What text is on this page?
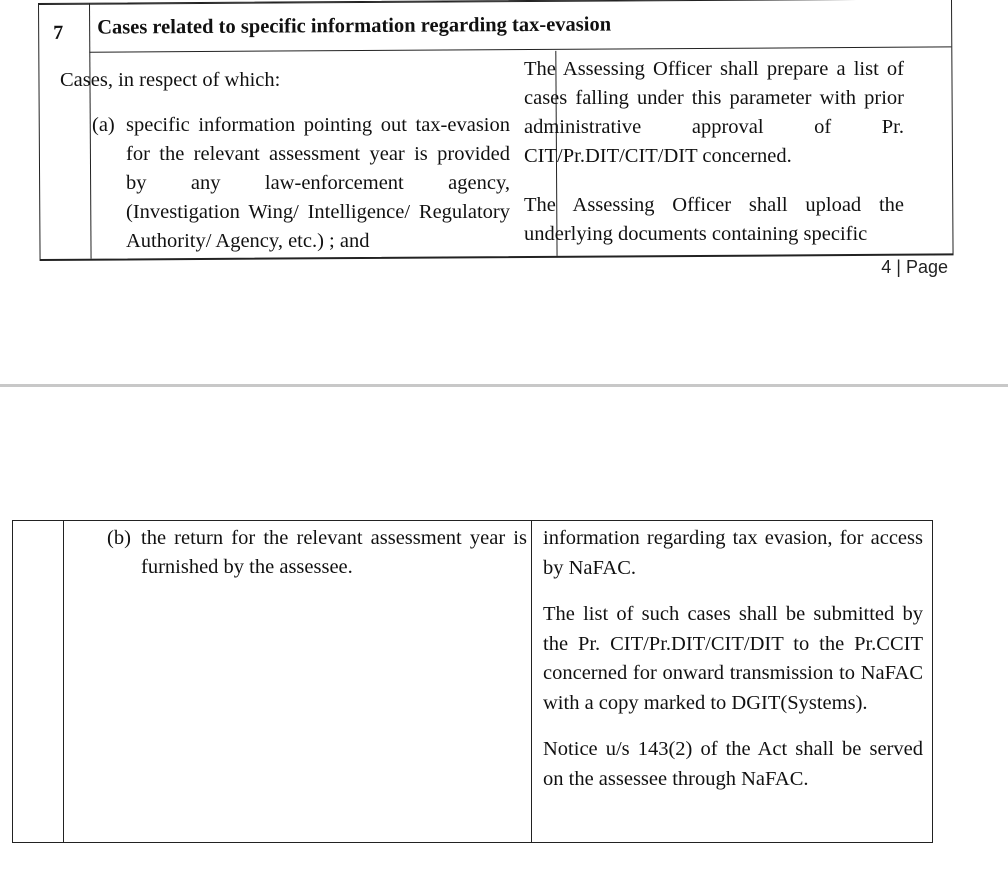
7 Cases related to specific information regarding tax-evasion

Cases, in respect of which:

(a) specific information pointing out tax-evasion for the relevant assessment year is provided by any law-enforcement agency, (Investigation Wing/ Intelligence/ Regulatory Authority/ Agency, etc.) ; and

The Assessing Officer shall prepare a list of cases falling under this parameter with prior administrative approval of Pr. CIT/Pr.DIT/CIT/DIT concerned.

The Assessing Officer shall upload the underlying documents containing specific

4 | Page
(b) the return for the relevant assessment year is furnished by the assessee.

information regarding tax evasion, for access by NaFAC.

The list of such cases shall be submitted by the Pr. CIT/Pr.DIT/CIT/DIT to the Pr.CCIT concerned for onward transmission to NaFAC with a copy marked to DGIT(Systems).

Notice u/s 143(2) of the Act shall be served on the assessee through NaFAC.
